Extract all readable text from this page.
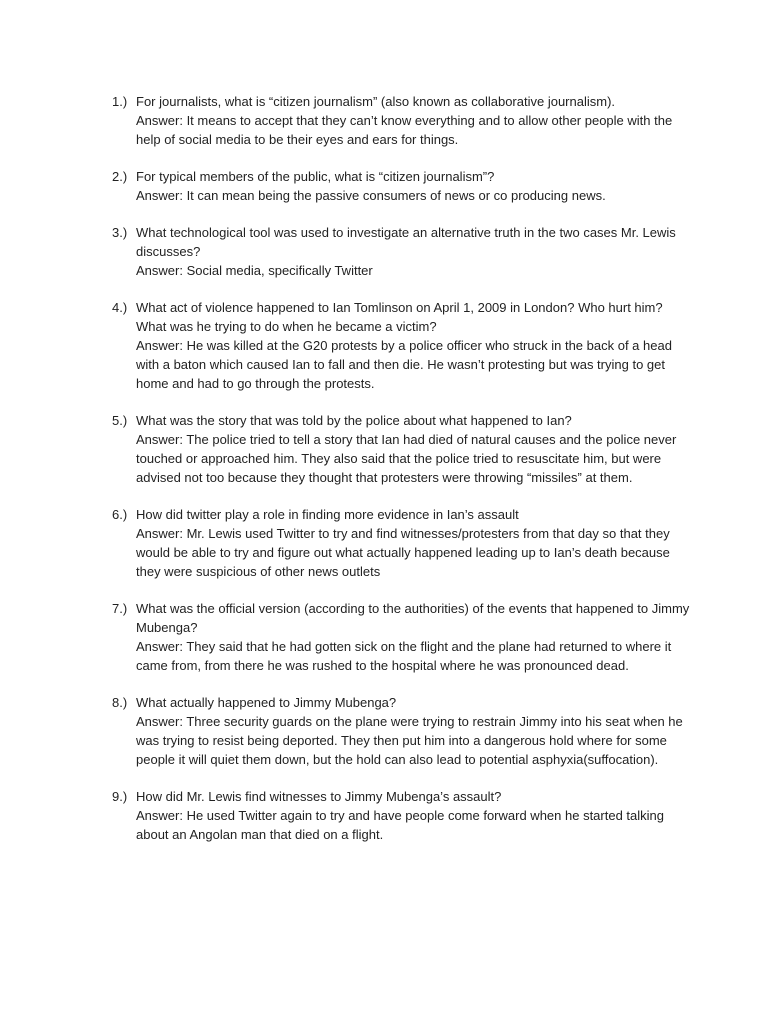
1.) For journalists, what is “citizen journalism” (also known as collaborative journalism).

Answer: It means to accept that they can’t know everything and to allow other people with the help of social media to be their eyes and ears for things.

2.) For typical members of the public, what is “citizen journalism”?

Answer: It can mean being the passive consumers of news or co producing news.

3.) What technological tool was used to investigate an alternative truth in the two cases Mr. Lewis discusses?

Answer: Social media, specifically Twitter

4.) What act of violence happened to Ian Tomlinson on April 1, 2009 in London? Who hurt him? What was he trying to do when he became a victim?

Answer: He was killed at the G20 protests by a police officer who struck in the back of a head with a baton which caused Ian to fall and then die. He wasn’t protesting but was trying to get home and had to go through the protests.

5.) What was the story that was told by the police about what happened to Ian?

Answer: The police tried to tell a story that Ian had died of natural causes and the police never touched or approached him. They also said that the police tried to resuscitate him, but were advised not too because they thought that protesters were throwing “missiles” at them.

6.) How did twitter play a role in finding more evidence in Ian’s assault

Answer: Mr. Lewis used Twitter to try and find witnesses/protesters from that day so that they would be able to try and figure out what actually happened leading up to Ian’s death because they were suspicious of other news outlets

7.) What was the official version (according to the authorities) of the events that happened to Jimmy Mubenga?

Answer: They said that he had gotten sick on the flight and the plane had returned to where it came from, from there he was rushed to the hospital where he was pronounced dead.

8.) What actually happened to Jimmy Mubenga?

Answer: Three security guards on the plane were trying to restrain Jimmy into his seat when he was trying to resist being deported. They then put him into a dangerous hold where for some people it will quiet them down, but the hold can also lead to potential asphyxia(suffocation).

9.) How did Mr. Lewis find witnesses to Jimmy Mubenga’s assault?

Answer: He used Twitter again to try and have people come forward when he started talking about an Angolan man that died on a flight.
